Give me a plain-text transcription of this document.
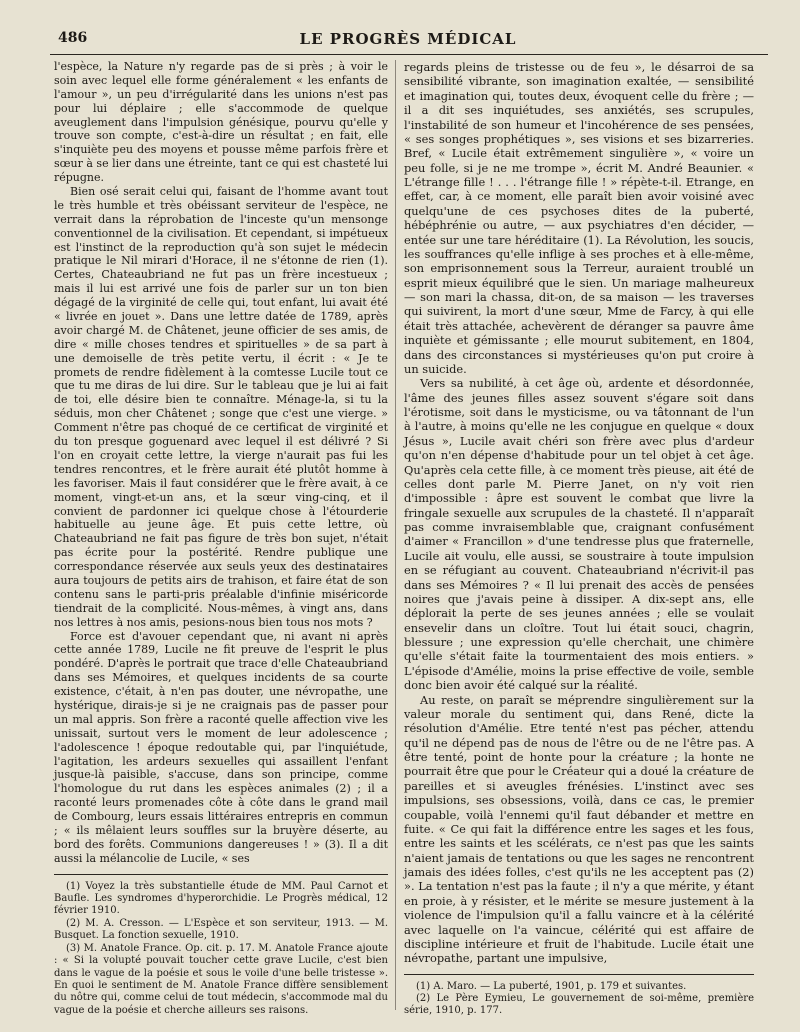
486	LE PROGRÈS MÉDICAL

l'espèce, la Nature n'y regarde pas de si près ; à voir le soin avec lequel elle forme généralement « les enfants de l'amour », un peu d'irrégularité dans les unions n'est pas pour lui déplaire ; elle s'accommode de quelque aveuglement dans l'impulsion génésique, pourvu qu'elle y trouve son compte, c'est-à-dire un résultat ; en fait, elle s'inquiète peu des moyens et pousse même parfois frère et sœur à se lier dans une étreinte, tant ce qui est chasteté lui répugne.

Bien osé serait celui qui, faisant de l'homme avant tout le très humble et très obéissant serviteur de l'espèce, ne verrait dans la réprobation de l'inceste qu'un mensonge conventionnel de la civilisation. Et cependant, si impétueux est l'instinct de la reproduction qu'à son sujet le médecin pratique le Nil mirari d'Horace, il ne s'étonne de rien (1). Certes, Chateaubriand ne fut pas un frère incestueux ; mais il lui est arrivé une fois de parler sur un ton bien dégagé de la virginité de celle qui, tout enfant, lui avait été « livrée en jouet ». Dans une lettre datée de 1789, après avoir chargé M. de Châtenet, jeune officier de ses amis, de dire « mille choses tendres et spirituelles » de sa part à une demoiselle de très petite vertu, il écrit : « Je te promets de rendre fidèlement à la comtesse Lucile tout ce que tu me diras de lui dire. Sur le tableau que je lui ai fait de toi, elle désire bien te connaître. Ménage-la, si tu la séduis, mon cher Châtenet ; songe que c'est une vierge. » Comment n'être pas choqué de ce certificat de virginité et du ton presque goguenard avec lequel il est délivré ? Si l'on en croyait cette lettre, la vierge n'aurait pas fui les tendres rencontres, et le frère aurait été plutôt homme à les favoriser. Mais il faut considérer que le frère avait, à ce moment, vingt-et-un ans, et la sœur ving-cinq, et il convient de pardonner ici quelque chose à l'étourderie habituelle au jeune âge. Et puis cette lettre, où Chateaubriand ne fait pas figure de très bon sujet, n'était pas écrite pour la postérité. Rendre publique une correspondance réservée aux seuls yeux des destinataires aura toujours de petits airs de trahison, et faire état de son contenu sans le parti-pris préalable d'infinie miséricorde tiendrait de la complicité. Nous-mêmes, à vingt ans, dans nos lettres à nos amis, pesions-nous bien tous nos mots ?

Force est d'avouer cependant que, ni avant ni après cette année 1789, Lucile ne fit preuve de l'esprit le plus pondéré. D'après le portrait que trace d'elle Chateaubriand dans ses Mémoires, et quelques incidents de sa courte existence, c'était, à n'en pas douter, une névropathe, une hystérique, dirais-je si je ne craignais pas de passer pour un mal appris. Son frère a raconté quelle affection vive les unissait, surtout vers le moment de leur adolescence ; l'adolescence ! époque redoutable qui, par l'inquiétude, l'agitation, les ardeurs sexuelles qui assaillent l'enfant jusque-là paisible, s'accuse, dans son principe, comme l'homologue du rut dans les espèces animales (2) ; il a raconté leurs promenades côte à côte dans le grand mail de Combourg, leurs essais littéraires entrepris en commun ; « ils mêlaient leurs souffles sur la bruyère déserte, au bord des forêts. Communions dangereuses ! » (3). Il a dit aussi la mélancolie de Lucile, « ses

(1) Voyez la très substantielle étude de MM. Paul Carnot et Baufle. Les syndromes d'hyperorchidie. Le Progrès médical, 12 février 1910.

(2) M. A. Cresson. — L'Espèce et son serviteur, 1913. — M. Busquet. La fonction sexuelle, 1910.

(3) M. Anatole France. Op. cit. p. 17. M. Anatole France ajoute : « Si la volupté pouvait toucher cette grave Lucile, c'est bien dans le vague de la poésie et sous le voile d'une belle tristesse ». En quoi le sentiment de M. Anatole France diffère sensiblement du nôtre qui, comme celui de tout médecin, s'accommode mal du vague de la poésie et cherche ailleurs ses raisons.

regards pleins de tristesse ou de feu », le désarroi de sa sensibilité vibrante, son imagination exaltée, — sensibilité et imagination qui, toutes deux, évoquent celle du frère ; — il a dit ses inquiétudes, ses anxiétés, ses scrupules, l'instabilité de son humeur et l'incohérence de ses pensées, « ses songes prophétiques », ses visions et ses bizarreries. Bref, « Lucile était extrêmement singulière », « voire un peu folle, si je ne me trompe », écrit M. André Beaunier. « L'étrange fille ! . . . l'étrange fille ! » répète-t-il. Etrange, en effet, car, à ce moment, elle paraît bien avoir voisiné avec quelqu'une de ces psychoses dites de la puberté, hébéphrénie ou autre, — aux psychiatres d'en décider, — entée sur une tare héréditaire (1). La Révolution, les soucis, les souffrances qu'elle inflige à ses proches et à elle-même, son emprisonnement sous la Terreur, auraient troublé un esprit mieux équilibré que le sien. Un mariage malheureux — son mari la chassa, dit-on, de sa maison — les traverses qui suivirent, la mort d'une sœur, Mme de Farcy, à qui elle était très attachée, achevèrent de déranger sa pauvre âme inquiète et gémissante ; elle mourut subitement, en 1804, dans des circonstances si mystérieuses qu'on put croire à un suicide.

Vers sa nubilité, à cet âge où, ardente et désordonnée, l'âme des jeunes filles assez souvent s'égare soit dans l'érotisme, soit dans le mysticisme, ou va tâtonnant de l'un à l'autre, à moins qu'elle ne les conjugue en quelque « doux Jésus », Lucile avait chéri son frère avec plus d'ardeur qu'on n'en dépense d'habitude pour un tel objet à cet âge. Qu'après cela cette fille, à ce moment très pieuse, ait été de celles dont parle M. Pierre Janet, on n'y voit rien d'impossible : âpre est souvent le combat que livre la fringale sexuelle aux scrupules de la chasteté. Il n'apparaît pas comme invraisemblable que, craignant confusément d'aimer « Francillon » d'une tendresse plus que fraternelle, Lucile ait voulu, elle aussi, se soustraire à toute impulsion en se réfugiant au couvent. Chateaubriand n'écrivit-il pas dans ses Mémoires ? « Il lui prenait des accès de pensées noires que j'avais peine à dissiper. A dix-sept ans, elle déplorait la perte de ses jeunes années ; elle se voulait ensevelir dans un cloître. Tout lui était souci, chagrin, blessure ; une expression qu'elle cherchait, une chimère qu'elle s'était faite la tourmentaient des mois entiers. » L'épisode d'Amélie, moins la prise effective de voile, semble donc bien avoir été calqué sur la réalité.

Au reste, on paraît se méprendre singulièrement sur la valeur morale du sentiment qui, dans René, dicte la résolution d'Amélie. Etre tenté n'est pas pécher, attendu qu'il ne dépend pas de nous de l'être ou de ne l'être pas. A être tenté, point de honte pour la créature ; la honte ne pourrait être que pour le Créateur qui a doué la créature de pareilles et si aveugles frénésies. L'instinct avec ses impulsions, ses obsessions, voilà, dans ce cas, le premier coupable, voilà l'ennemi qu'il faut débander et mettre en fuite. « Ce qui fait la différence entre les sages et les fous, entre les saints et les scélérats, ce n'est pas que les saints n'aient jamais de tentations ou que les sages ne rencontrent jamais des idées folles, c'est qu'ils ne les acceptent pas (2) ». La tentation n'est pas la faute ; il n'y a que mérite, y étant en proie, à y résister, et le mérite se mesure justement à la violence de l'impulsion qu'il a fallu vaincre et à la célérité avec laquelle on l'a vaincue, célérité qui est affaire de discipline intérieure et fruit de l'habitude. Lucile était une névropathe, partant une impulsive,

(1) A. Maro. — La puberté, 1901, p. 179 et suivantes.

(2) Le Père Eymieu, Le gouvernement de soi-même, première série, 1910, p. 177.
